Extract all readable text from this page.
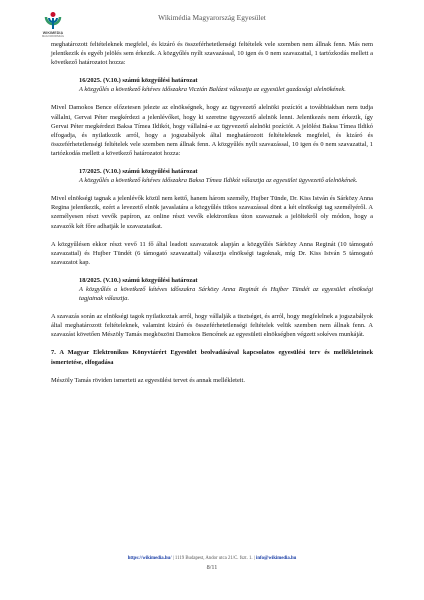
WIKIMEDIA
MAGYARORSZÁG
Wikimédia Magyarország Egyesület

meghatározott feltételeknek megfelel, és kizáró és összeférhetetlenségi feltételek vele szemben nem állnak fenn. Más nem jelentkezik és egyéb jelölés sem érkezik. A közgyűlés nyílt szavazással, 10 igen és 0 nem szavazattal, 1 tartózkodás mellett a következő határozatot hozza:

16/2025. (V.10.) számú közgyűlési határozat

A közgyűlés a következő kétéves időszakra Viczián Balázst választja az egyesület gazdasági alelnökének.

Mivel Damokos Bence előzetesen jelezte az elnökségnek, hogy az ügyvezető alelnöki pozíciót a továbbiakban nem tudja vállalni, Gervai Péter megkérdezi a jelenlévőket, hogy ki szeretne ügyvezető alelnök lenni. Jelentkezés nem érkezik, így Gervai Péter megkérdezi Baksa Tímea Ildikót, hogy vállalná-e az ügyvezető alelnöki pozíciót. A jelölést Baksa Tímea Ildikó elfogadja, és nyilatkozik arról, hogy a jogszabályok által meghatározott feltételeknek megfelel, és kizáró és összeférhetetlenségi feltételek vele szemben nem állnak fenn. A közgyűlés nyílt szavazással, 10 igen és 0 nem szavazattal, 1 tartózkodás mellett a következő határozatot hozza:

17/2025. (V.10.) számú közgyűlési határozat

A közgyűlés a következő kétéves időszakra Baksa Tímea Ildikót választja az egyesület ügyvezető alelnökének.

Mivel elnökségi tagnak a jelenlévők közül nem kettő, hanem három személy, Hujber Tünde, Dr. Kiss István és Sárközy Anna Regina jelentkezik, ezért a levezető elnök javaslatára a közgyűlés titkos szavazással dönt a két elnökségi tag személyéről. A személyesen részt vevők papíron, az online részt vevők elektronikus úton szavaznak a jelöltekről oly módon, hogy a szavazók két főre adhatják le szavazataikat.

A közgyűlésen ekkor részt vevő 11 fő által leadott szavazatok alapján a közgyűlés Sárközy Anna Reginát (10 támogató szavazattal) és Hujber Tündét (6 támogató szavazattal) választja elnökségi tagoknak, míg Dr. Kiss István 5 támogató szavazatot kap.

18/2025. (V.10.) számú közgyűlési határozat

A közgyűlés a következő kétéves időszakra Sárközy Anna Reginát és Hujber Tündét az egyesület elnökségi tagjainak választja.

A szavazás során az elnökségi tagok nyilatkoztak arról, hogy vállalják a tisztséget, és arról, hogy megfelelnek a jogszabályok által meghatározott feltételeknek, valamint kizáró és összeférhetetlenségi feltételek velük szemben nem állnak fenn. A szavazást követően Mészöly Tamás megköszöni Damokos Bencének az egyesületi elnökségben végzett sokéves munkáját.

7. A Magyar Elektronikus Könyvtárért Egyesület beolvadásával kapcsolatos egyesülési terv és mellékleteinek ismertetése, elfogadása

Mészöly Tamás röviden ismerteti az egyesülési tervet és annak mellékleteit.

https://wikimedia.hu/ | 1119 Budapest, Andor utca 21/C. fszt. 1. | info@wikimedia.hu
8/11
